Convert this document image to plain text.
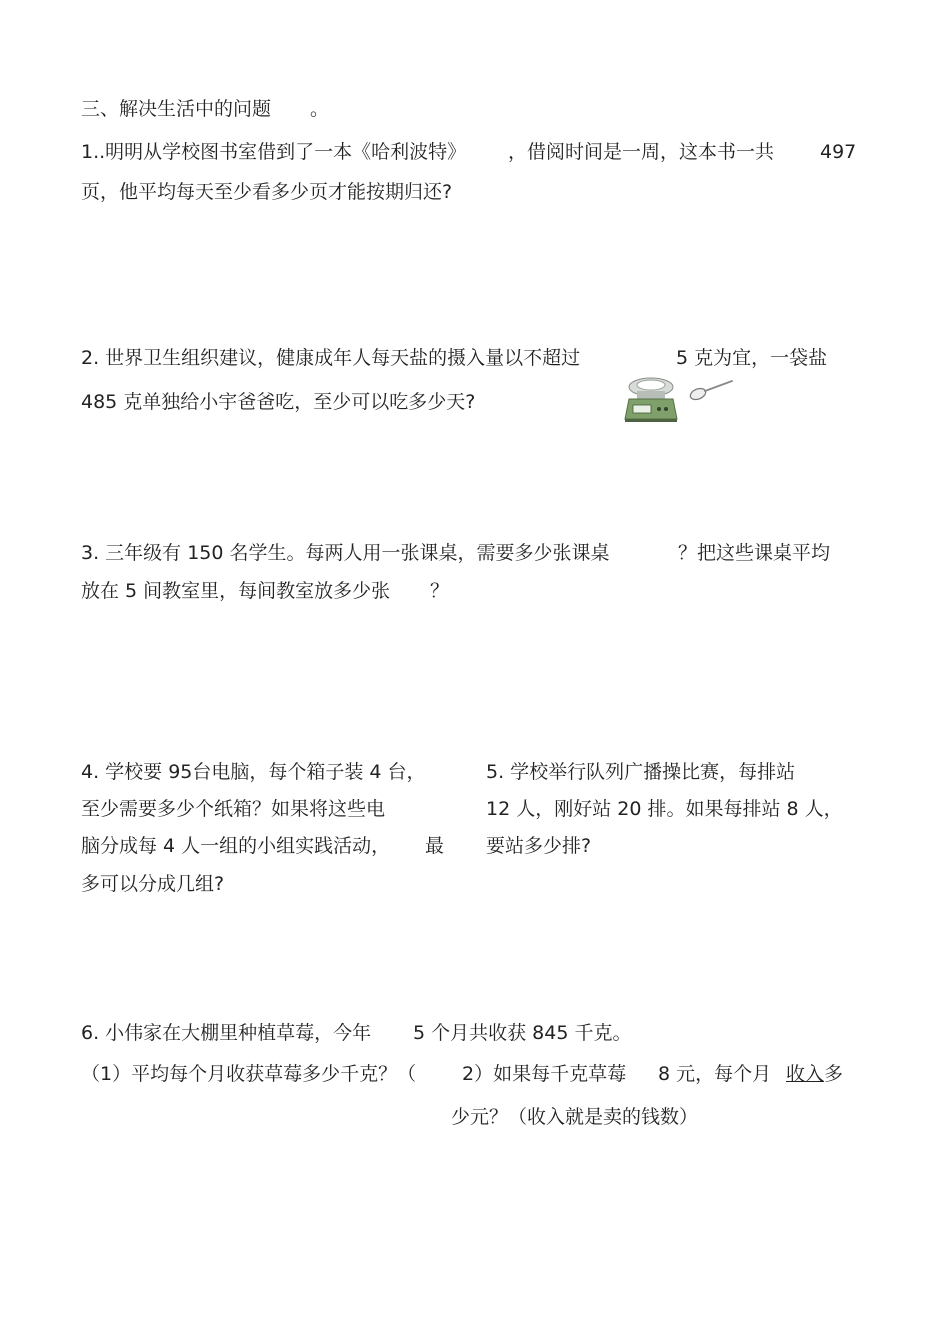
三、解决生活中的问题 。
1..明明从学校图书室借到了一本《哈利波特》 ，借阅时间是一周，这本书一共 497
页，他平均每天至少看多少页才能按期归还?
2. 世界卫生组织建议，健康成年人每天盐的摄入量以不超过	5 克为宜，一袋盐
485 克单独给小宇爸爸吃，至少可以吃多少天?
3. 三年级有 150 名学生。每两人用一张课桌，需要多少张课桌	？把这些课桌平均
放在 5 间教室里，每间教室放多少张 ？
4. 学校要 95台电脑，每个箱子装 4 台，
至少需要多少个纸箱？如果将这些电
脑分成每 4 人一组的小组实践活动， 最
多可以分成几组?
5. 学校举行队列广播操比赛，每排站
12 人，刚好站 20 排。如果每排站 8 人，
要站多少排?
6. 小伟家在大棚里种植草莓，今年 5 个月共收获 845 千克。
（1）平均每个月收获草莓多少千克？（ 2）如果每千克草莓 8 元，每个月 收入 多
少元？（收入就是卖的钱数）
